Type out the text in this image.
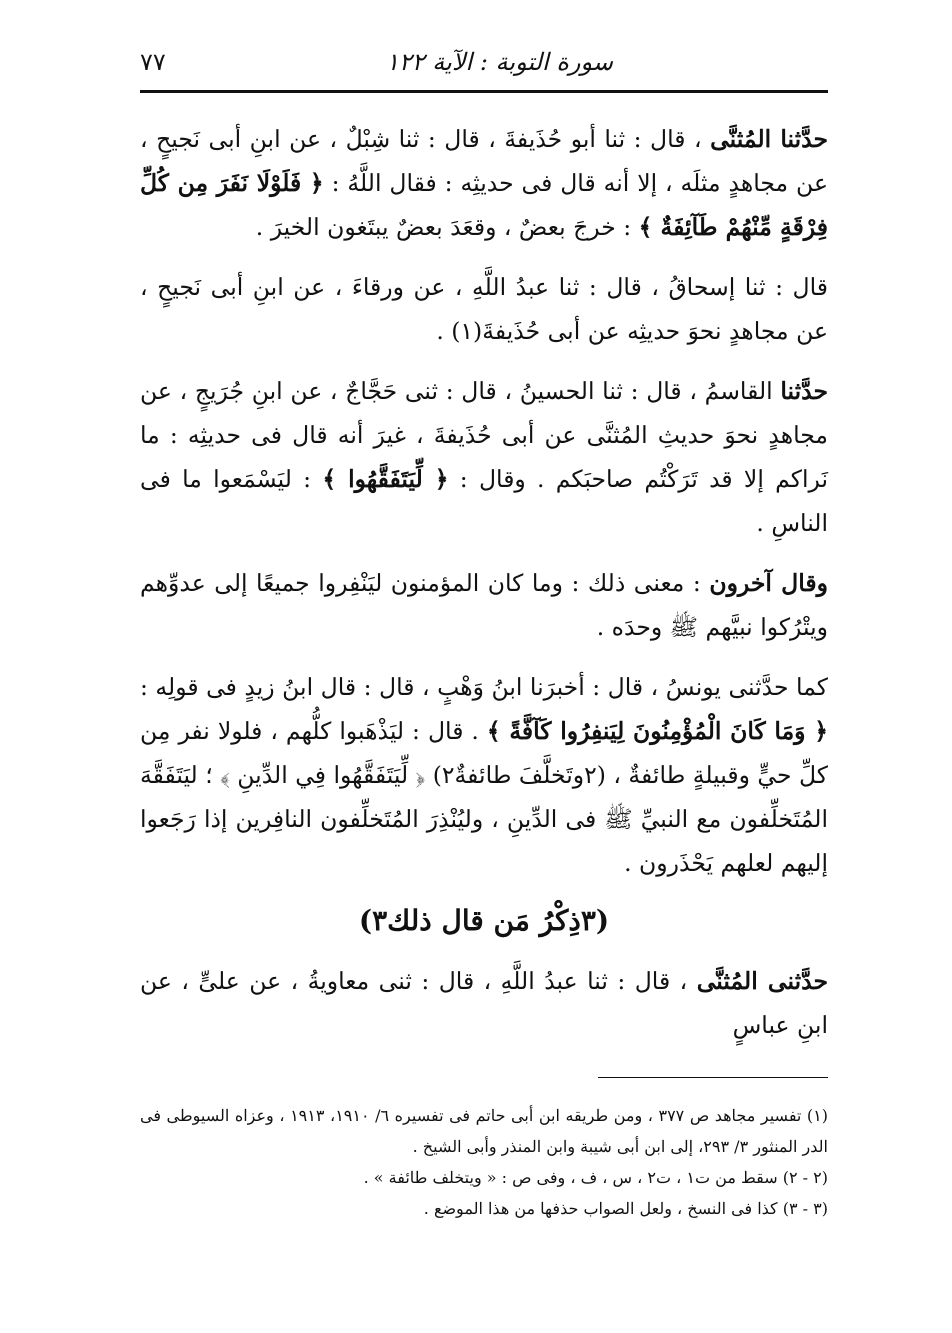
سورة التوبة : الآية ١٢٢
٧٧

حدَّثنا المُثنَّى ، قال : ثنا أبو حُذَيفةَ ، قال : ثنا شِبْلٌ ، عن ابنِ أبى نَجيحٍ ، عن مجاهدٍ مثلَه ، إلا أنه قال فى حديثِه : فقال اللَّهُ : ﴿ فَلَوْلَا نَفَرَ مِن كُلِّ فِرْقَةٍ مِّنْهُمْ طَآئِفَةٌ ﴾ : خرجَ بعضٌ ، وقعَدَ بعضٌ يبتَغون الخيرَ .

قال : ثنا إسحاقُ ، قال : ثنا عبدُ اللَّهِ ، عن ورقاءَ ، عن ابنِ أبى نَجيحٍ ، عن مجاهدٍ نحوَ حديثِه عن أبى حُذَيفةَ(١) .

حدَّثنا القاسمُ ، قال : ثنا الحسينُ ، قال : ثنى حَجَّاجٌ ، عن ابنِ جُرَيجٍ ، عن مجاهدٍ نحوَ حديثِ المُثنَّى عن أبى حُذَيفةَ ، غيرَ أنه قال فى حديثِه : ما نَراكم إلا قد تَرَكْتُم صاحبَكم . وقال : ﴿ لِّيَتَفَقَّهُوا ﴾ : ليَسْمَعوا ما فى الناسِ .

وقال آخرون : معنى ذلك : وما كان المؤمنون ليَنْفِروا جميعًا إلى عدوِّهم ويتْرُكوا نبيَّهم ﷺ وحدَه .

كما حدَّثنى يونسُ ، قال : أخبرَنا ابنُ وَهْبٍ ، قال : قال ابنُ زيدٍ فى قولِه : ﴿ وَمَا كَانَ الْمُؤْمِنُونَ لِيَنفِرُوا كَآفَّةً ﴾ . قال : ليَذْهَبوا كلُّهم ، فلولا نفر مِن كلِّ حيٍّ وقبيلةٍ طائفةٌ ، (٢وتَخلَّفَ طائفةٌ٢) ﴿ لِّيَتَفَقَّهُوا فِي الدِّينِ ﴾ ؛ ليَتَفَقَّهَ المُتَخلِّفون مع النبيِّ ﷺ فى الدِّينِ ، وليُنْذِرَ المُتَخلِّفون النافِرين إذا رَجَعوا إليهم لعلهم يَحْذَرون .

(٣ذِكْرُ مَن قال ذلك٣)

حدَّثنى المُثنَّى ، قال : ثنا عبدُ اللَّهِ ، قال : ثنى معاويةُ ، عن علىٍّ ، عن ابنِ عباسٍ

(١) تفسير مجاهد ص ٣٧٧ ، ومن طريقه ابن أبى حاتم فى تفسيره ٦/ ١٩١٠، ١٩١٣ ، وعزاه السيوطى فى الدر المنثور ٣/ ٢٩٣، إلى ابن أبى شيبة وابن المنذر وأبى الشيخ .

(٢ - ٢) سقط من ت١ ، ت٢ ، س ، ف ، وفى ص : « ويتخلف طائفة » .

(٣ - ٣) كذا فى النسخ ، ولعل الصواب حذفها من هذا الموضع .
